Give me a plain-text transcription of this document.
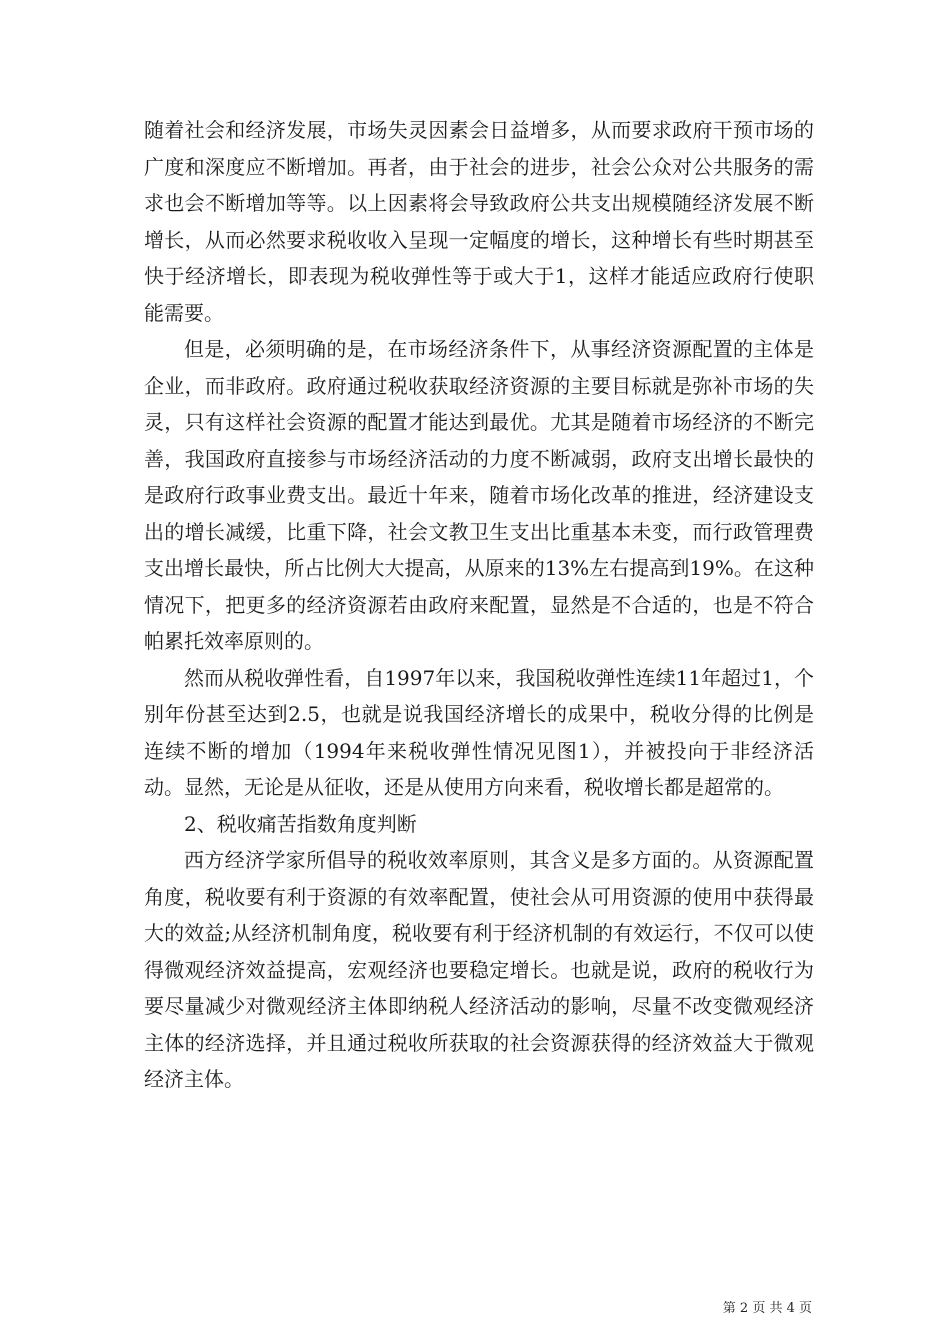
随着社会和经济发展，市场失灵因素会日益增多，从而要求政府干预市场的广度和深度应不断增加。再者，由于社会的进步，社会公众对公共服务的需求也会不断增加等等。以上因素将会导致政府公共支出规模随经济发展不断增长，从而必然要求税收收入呈现一定幅度的增长，这种增长有些时期甚至快于经济增长，即表现为税收弹性等于或大于1，这样才能适应政府行使职能需要。

但是，必须明确的是，在市场经济条件下，从事经济资源配置的主体是企业，而非政府。政府通过税收获取经济资源的主要目标就是弥补市场的失灵，只有这样社会资源的配置才能达到最优。尤其是随着市场经济的不断完善，我国政府直接参与市场经济活动的力度不断减弱，政府支出增长最快的是政府行政事业费支出。最近十年来，随着市场化改革的推进，经济建设支出的增长减缓，比重下降，社会文教卫生支出比重基本未变，而行政管理费支出增长最快，所占比例大大提高，从原来的13%左右提高到19%。在这种情况下，把更多的经济资源若由政府来配置，显然是不合适的，也是不符合帕累托效率原则的。

然而从税收弹性看，自1997年以来，我国税收弹性连续11年超过1，个别年份甚至达到2.5，也就是说我国经济增长的成果中，税收分得的比例是连续不断的增加（1994年来税收弹性情况见图1），并被投向于非经济活动。显然，无论是从征收，还是从使用方向来看，税收增长都是超常的。

2、税收痛苦指数角度判断

西方经济学家所倡导的税收效率原则，其含义是多方面的。从资源配置角度，税收要有利于资源的有效率配置，使社会从可用资源的使用中获得最大的效益;从经济机制角度，税收要有利于经济机制的有效运行，不仅可以使得微观经济效益提高，宏观经济也要稳定增长。也就是说，政府的税收行为要尽量减少对微观经济主体即纳税人经济活动的影响，尽量不改变微观经济主体的经济选择，并且通过税收所获取的社会资源获得的经济效益大于微观经济主体。

第 2 页 共 4 页
